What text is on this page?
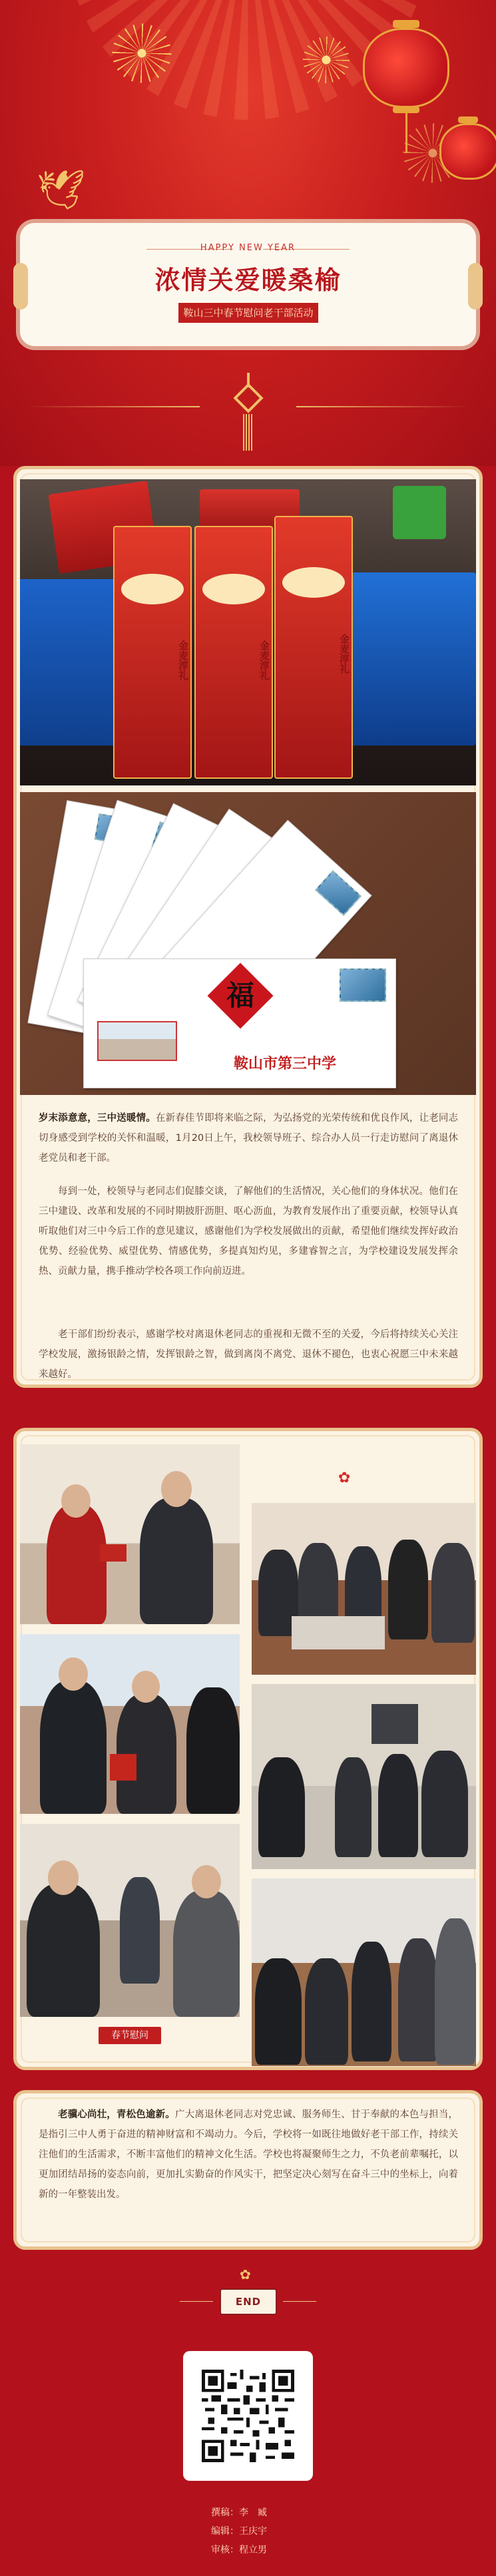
🕊
HAPPY NEW YEAR
浓情关爱暖桑榆
鞍山三中春节慰问老干部活动
金麦淳礼	金麦淳礼	金麦淳礼
福
鞍山市第三中学
岁末添意意，三中送暖情。在新春佳节即将来临之际，为弘扬党的光荣传统和优良作风，让老同志切身感受到学校的关怀和温暖，1月20日上午，我校领导班子、综合办人员一行走访慰问了离退休老党员和老干部。
每到一处，校领导与老同志们促膝交谈，了解他们的生活情况，关心他们的身体状况。他们在三中建设、改革和发展的不同时期披肝沥胆、呕心沥血，为教育发展作出了重要贡献，校领导认真听取他们对三中今后工作的意见建议，感谢他们为学校发展做出的贡献，希望他们继续发挥好政治优势、经验优势、威望优势、情感优势，多提真知灼见，多建睿智之言，为学校建设发展发挥余热、贡献力量，携手推动学校各项工作向前迈进。
老干部们纷纷表示，感谢学校对离退休老同志的重视和无微不至的关爱，今后将持续关心关注学校发展，激扬银龄之情，发挥银龄之智，做到离岗不离党、退休不褪色，也衷心祝愿三中未来越来越好。
春节慰问
✿
老骥心尚壮，青松色逾新。广大离退休老同志对党忠诚、服务师生、甘于奉献的本色与担当，是指引三中人勇于奋进的精神财富和不竭动力。今后，学校将一如既往地做好老干部工作，持续关注他们的生活需求，不断丰富他们的精神文化生活。学校也将凝聚师生之力，不负老前辈嘱托，以更加团结昂扬的姿态向前，更加扎实勤奋的作风实干，把坚定决心刻写在奋斗三中的坐标上，向着新的一年整装出发。
✿
END
撰稿：李　臧
编辑：王庆宇
审核：程立男
